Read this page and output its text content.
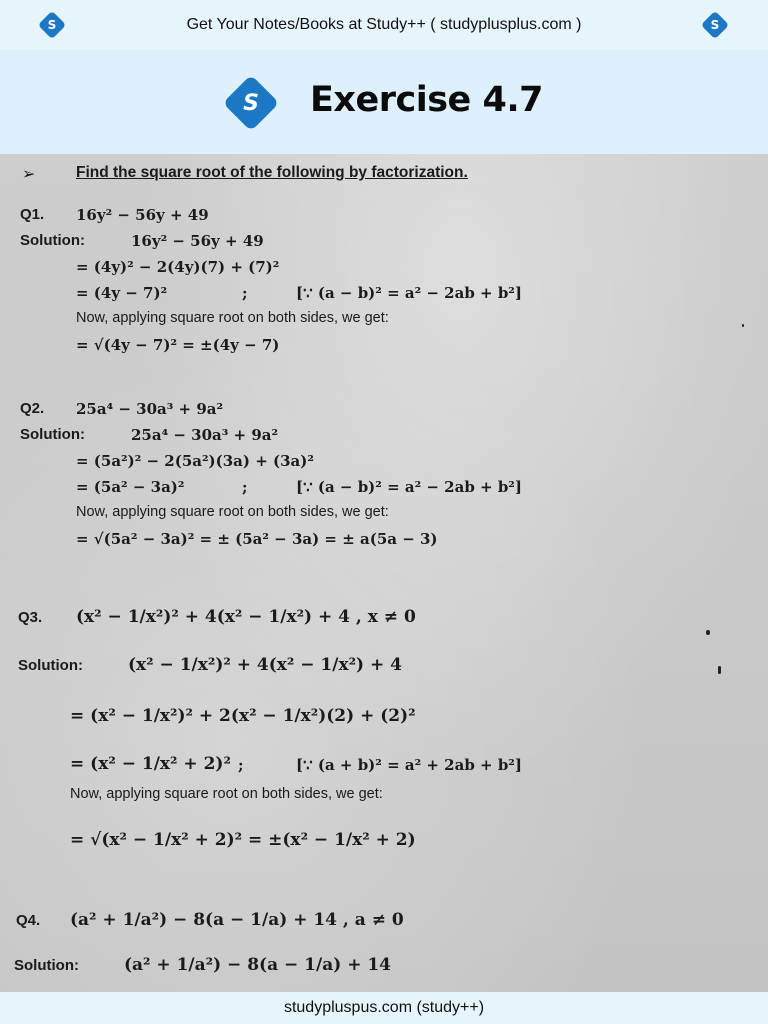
S	Get Your Notes/Books at Study++ ( studyplusplus.com )	S
S	Exercise 4.7
➢	Find the square root of the following by factorization.
Q1. 16y² − 56y + 49
Solution:	16y² − 56y + 49
= (4y)² − 2(4y)(7) + (7)²
= (4y − 7)²	;	[∵ (a − b)² = a² − 2ab + b²]
Now, applying square root on both sides, we get:
= √(4y − 7)² = ±(4y − 7)
Q2. 25a⁴ − 30a³ + 9a²
Solution:	25a⁴ − 30a³ + 9a²
= (5a²)² − 2(5a²)(3a) + (3a)²
= (5a² − 3a)²	;	[∵ (a − b)² = a² − 2ab + b²]
Now, applying square root on both sides, we get:
= √(5a² − 3a)² = ± (5a² − 3a) = ± a(5a − 3)
Q3. (x² − 1/x²)² + 4(x² − 1/x²) + 4 , x ≠ 0
Solution:	(x² − 1/x²)² + 4(x² − 1/x²) + 4
= (x² − 1/x²)² + 2(x² − 1/x²)(2) + (2)²
= (x² − 1/x² + 2)² ;	[∵ (a + b)² = a² + 2ab + b²]
Now, applying square root on both sides, we get:
= √(x² − 1/x² + 2)² = ±(x² − 1/x² + 2)
Q4. (a² + 1/a²) − 8(a − 1/a) + 14 , a ≠ 0
Solution:	(a² + 1/a²) − 8(a − 1/a) + 14
studypluspus.com (study++)
